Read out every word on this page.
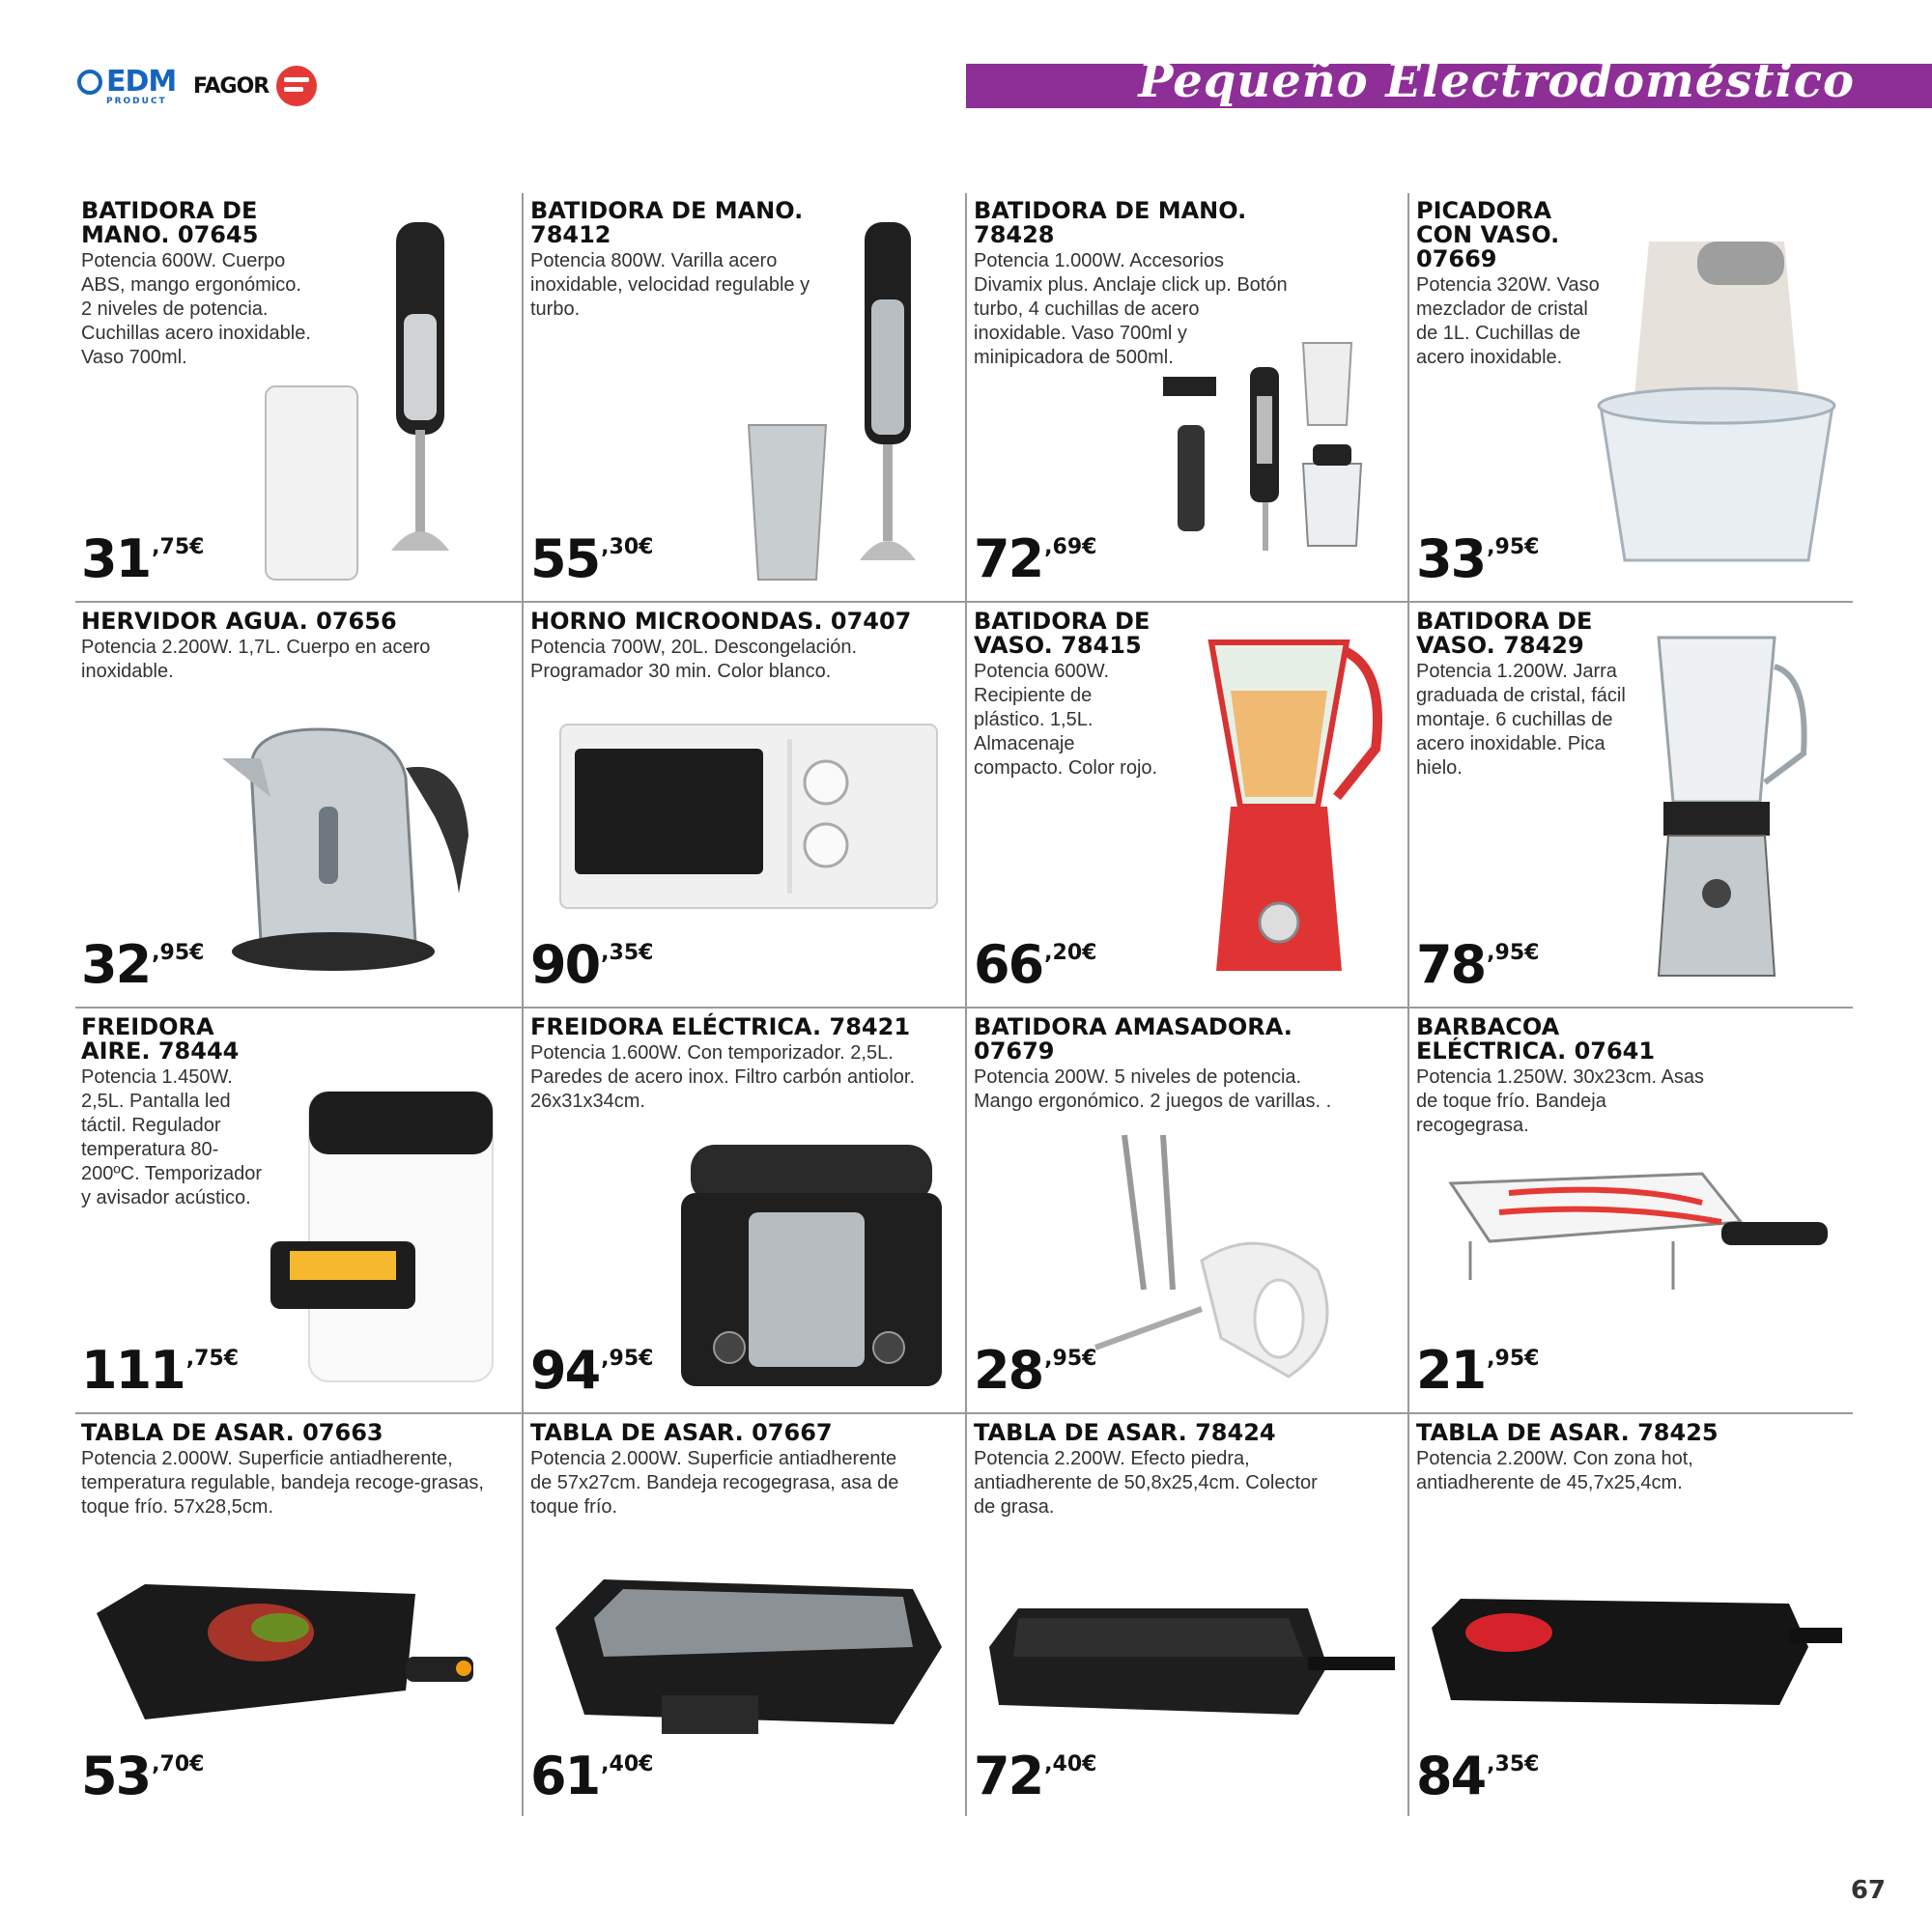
EDM
PRODUCT
FAGOR	Pequeño Electrodoméstico
BATIDORA DE MANO. 07645
Potencia 600W. Cuerpo ABS, mango ergonómico. 2 niveles de potencia. Cuchillas acero inoxidable. Vaso 700ml.
31 ,75€
BATIDORA DE MANO. 78412
Potencia 800W. Varilla acero inoxidable, velocidad regulable y turbo.
55 ,30€
BATIDORA DE MANO. 78428
Potencia 1.000W. Accesorios Divamix plus. Anclaje click up. Botón turbo, 4 cuchillas de acero inoxidable. Vaso 700ml y minipicadora de 500ml.
72 ,69€
PICADORA CON VASO. 07669
Potencia 320W. Vaso mezclador de cristal de 1L. Cuchillas de acero inoxidable.
33 ,95€
HERVIDOR AGUA. 07656
Potencia 2.200W. 1,7L. Cuerpo en acero inoxidable.
32 ,95€
HORNO MICROONDAS. 07407
Potencia 700W, 20L. Descongelación. Programador 30 min. Color blanco.
90 ,35€
BATIDORA DE VASO. 78415
Potencia 600W. Recipiente de plástico. 1,5L. Almacenaje compacto. Color rojo.
66 ,20€
BATIDORA DE VASO. 78429
Potencia 1.200W. Jarra graduada de cristal, fácil montaje. 6 cuchillas de acero inoxidable. Pica hielo.
78 ,95€
FREIDORA AIRE. 78444
Potencia 1.450W. 2,5L. Pantalla led táctil. Regulador temperatura 80-200ºC. Temporizador y avisador acústico.
111 ,75€
FREIDORA ELÉCTRICA. 78421
Potencia 1.600W. Con temporizador. 2,5L. Paredes de acero inox. Filtro carbón antiolor. 26x31x34cm.
94 ,95€
BATIDORA AMASADORA. 07679
Potencia 200W. 5 niveles de potencia. Mango ergonómico. 2 juegos de varillas. .
28 ,95€
BARBACOA ELÉCTRICA. 07641
Potencia 1.250W. 30x23cm. Asas de toque frío. Bandeja recogegrasa.
21 ,95€
TABLA DE ASAR. 07663
Potencia 2.000W. Superficie antiadherente, temperatura regulable, bandeja recoge-grasas, toque frío. 57x28,5cm.
53 ,70€
TABLA DE ASAR. 07667
Potencia 2.000W. Superficie antiadherente de 57x27cm. Bandeja recogegrasa, asa de toque frío.
61 ,40€
TABLA DE ASAR. 78424
Potencia 2.200W. Efecto piedra, antiadherente de 50,8x25,4cm. Colector de grasa.
72 ,40€
TABLA DE ASAR. 78425
Potencia 2.200W. Con zona hot, antiadherente de 45,7x25,4cm.
84 ,35€
67
